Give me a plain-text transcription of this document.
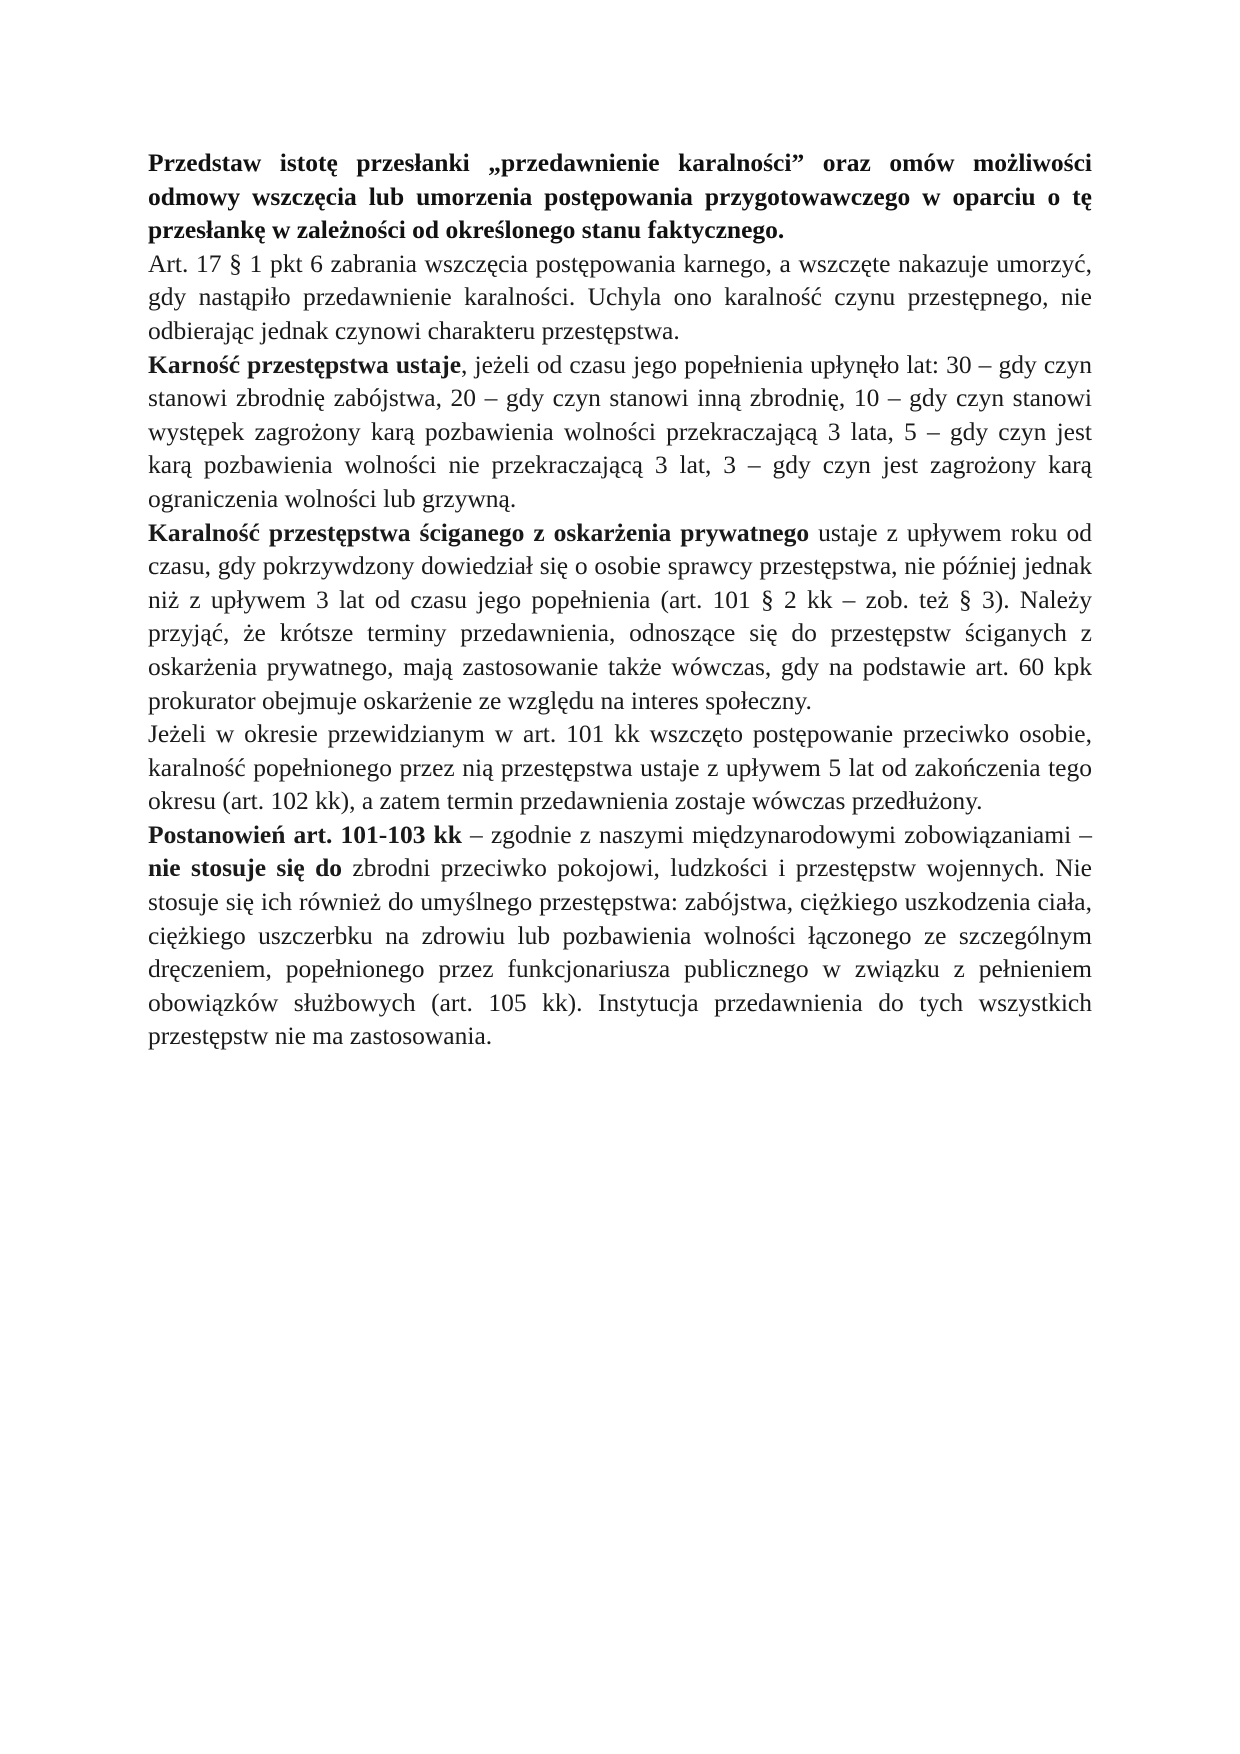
Przedstaw istotę przesłanki „przedawnienie karalności” oraz omów możliwości odmowy wszczęcia lub umorzenia postępowania przygotowawczego w oparciu o tę przesłankę w zależności od określonego stanu faktycznego.

Art. 17 § 1 pkt 6 zabrania wszczęcia postępowania karnego, a wszczęte nakazuje umorzyć, gdy nastąpiło przedawnienie karalności. Uchyla ono karalność czynu przestępnego, nie odbierając jednak czynowi charakteru przestępstwa.

Karność przestępstwa ustaje, jeżeli od czasu jego popełnienia upłynęło lat: 30 – gdy czyn stanowi zbrodnię zabójstwa, 20 – gdy czyn stanowi inną zbrodnię, 10 – gdy czyn stanowi występek zagrożony karą pozbawienia wolności przekraczającą 3 lata, 5 – gdy czyn jest karą pozbawienia wolności nie przekraczającą 3 lat, 3 – gdy czyn jest zagrożony karą ograniczenia wolności lub grzywną.

Karalność przestępstwa ściganego z oskarżenia prywatnego ustaje z upływem roku od czasu, gdy pokrzywdzony dowiedział się o osobie sprawcy przestępstwa, nie później jednak niż z upływem 3 lat od czasu jego popełnienia (art. 101 § 2 kk – zob. też § 3). Należy przyjąć, że krótsze terminy przedawnienia, odnoszące się do przestępstw ściganych z oskarżenia prywatnego, mają zastosowanie także wówczas, gdy na podstawie art. 60 kpk prokurator obejmuje oskarżenie ze względu na interes społeczny.

Jeżeli w okresie przewidzianym w art. 101 kk wszczęto postępowanie przeciwko osobie, karalność popełnionego przez nią przestępstwa ustaje z upływem 5 lat od zakończenia tego okresu (art. 102 kk), a zatem termin przedawnienia zostaje wówczas przedłużony.

Postanowień art. 101-103 kk – zgodnie z naszymi międzynarodowymi zobowiązaniami – nie stosuje się do zbrodni przeciwko pokojowi, ludzkości i przestępstw wojennych. Nie stosuje się ich również do umyślnego przestępstwa: zabójstwa, ciężkiego uszkodzenia ciała, ciężkiego uszczerbku na zdrowiu lub pozbawienia wolności łączonego ze szczególnym dręczeniem, popełnionego przez funkcjonariusza publicznego w związku z pełnieniem obowiązków służbowych (art. 105 kk). Instytucja przedawnienia do tych wszystkich przestępstw nie ma zastosowania.
